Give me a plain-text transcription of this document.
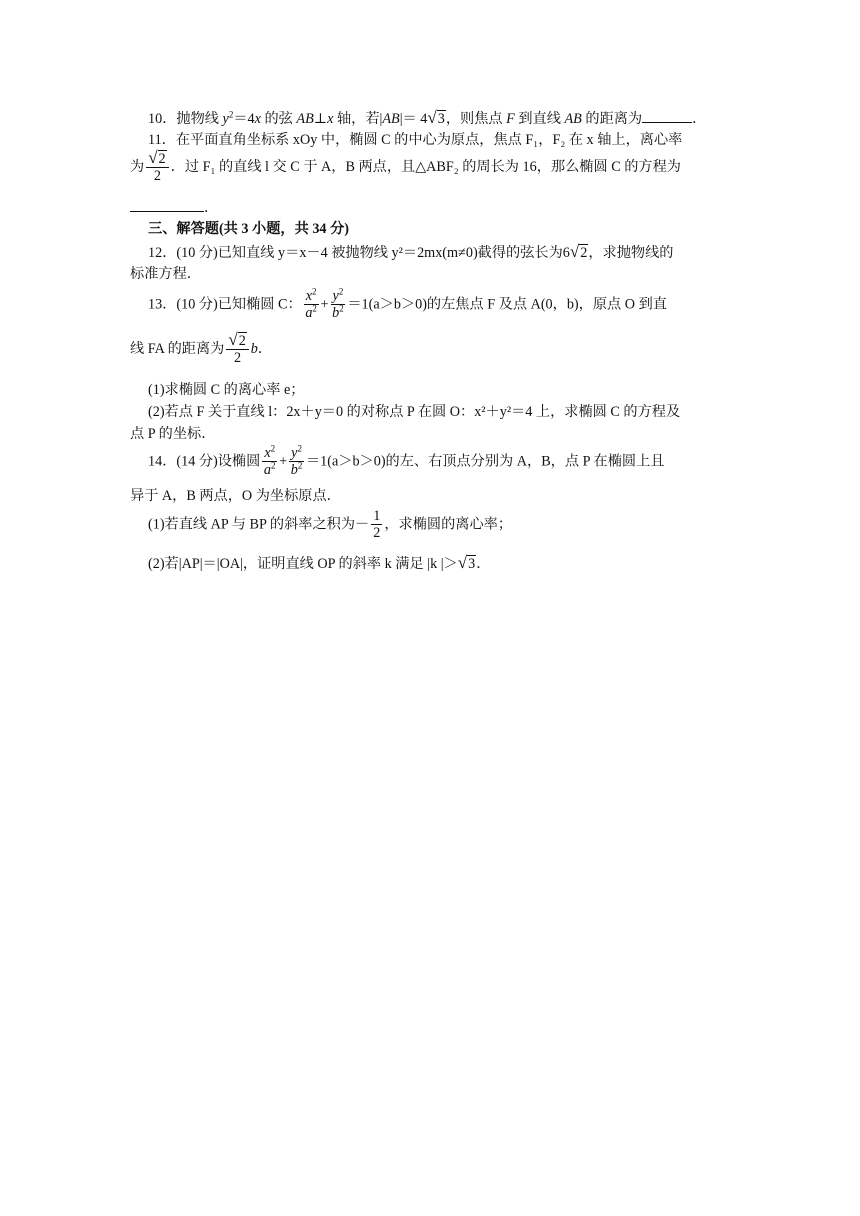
10．抛物线 $y^2=4x$ 的弦 AB⊥x 轴，若|AB|＝ 4√3，则焦点 F 到直线 AB 的距离为	．
11．在平面直角坐标系 xOy 中，椭圆 C 的中心为原点，焦点 F₁，F₂ 在 x 轴上，离心率
为 $\frac{√2}{2}$ ．过 F₁ 的直线 l 交 C 于 A，B 两点，且△ABF₂ 的周长为 16，那么椭圆 C 的方程为
．
三、解答题(共 3 小题，共 34 分)
12．(10 分)已知直线 y＝x－4 被抛物线 y²＝2mx(m≠0)截得的弦长为6√2，求抛物线的
标准方程．
13．(10 分)已知椭圆 C： $\frac{x^2}{a^2} + \frac{y^2}{b^2} =1(a>b>0)$的左焦点 F 及点 A(0，b)，原点 O 到直
线 FA 的距离为 $\frac{√2}{2}$ b．
(1)求椭圆 C 的离心率 e；
(2)若点 F 关于直线 l：2x＋y＝0 的对称点 P 在圆 O：x²＋y²＝4 上，求椭圆 C 的方程及
点 P 的坐标．
14．(14 分)设椭圆 $\frac{x^2}{a^2} + \frac{y^2}{b^2} =1(a>b>0)$的左、右顶点分别为 A，B，点 P 在椭圆上且
异于 A，B 两点，O 为坐标原点．
(1)若直线 AP 与 BP 的斜率之积为－ $\frac{1}{2}$ ，求椭圆的离心率；
(2)若|AP|＝|OA|，证明直线 OP 的斜率 k 满足 |k |＞√3．
